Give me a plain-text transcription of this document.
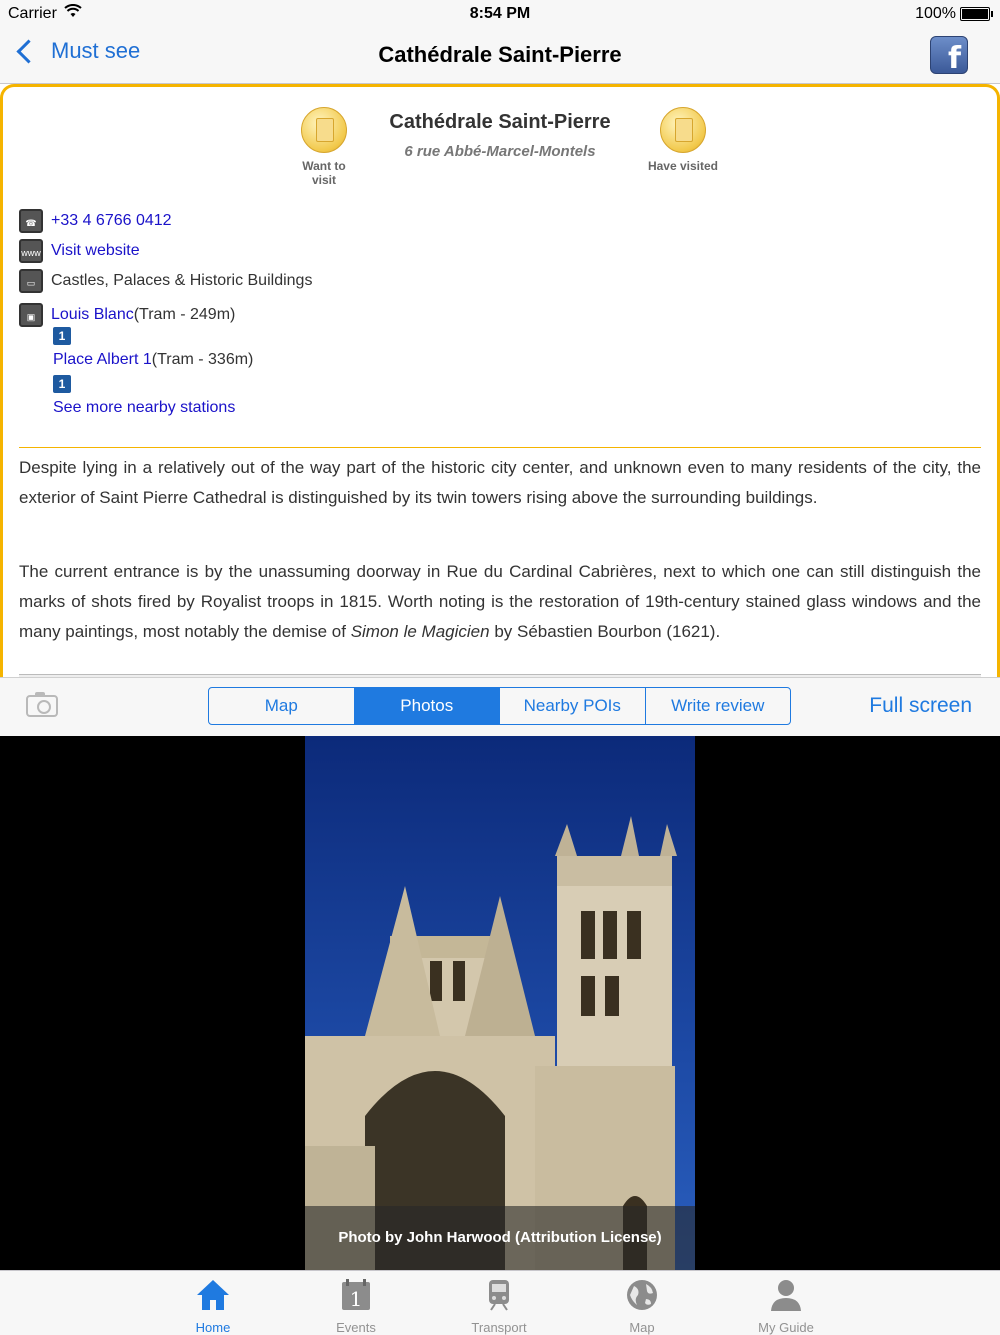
Carrier	8:54 PM	100%
Must see	Cathédrale Saint-Pierre	f
Want to visit
Cathédrale Saint-Pierre
6 rue Abbé-Marcel-Montels
Have visited
☎ +33 4 6766 0412
www Visit website
▭ Castles, Palaces & Historic Buildings
▣ Louis Blanc (Tram - 249m)
1
Place Albert 1 (Tram - 336m)
1
See more nearby stations

Despite lying in a relatively out of the way part of the historic city center, and unknown even to many residents of the city, the exterior of Saint Pierre Cathedral is distinguished by its twin towers rising above the surrounding buildings.

The current entrance is by the unassuming doorway in Rue du Cardinal Cabrières, next to which one can still distinguish the marks of shots fired by Royalist troops in 1815. Worth noting is the restoration of 19th-century stained glass windows and the many paintings, most notably the demise of Simon le Magicien by Sébastien Bourbon (1621).

Map	Photos	Nearby POIs	Write review	Full screen
Photo by John Harwood (Attribution License)
Home
1
Events	Transport	Map	My Guide
